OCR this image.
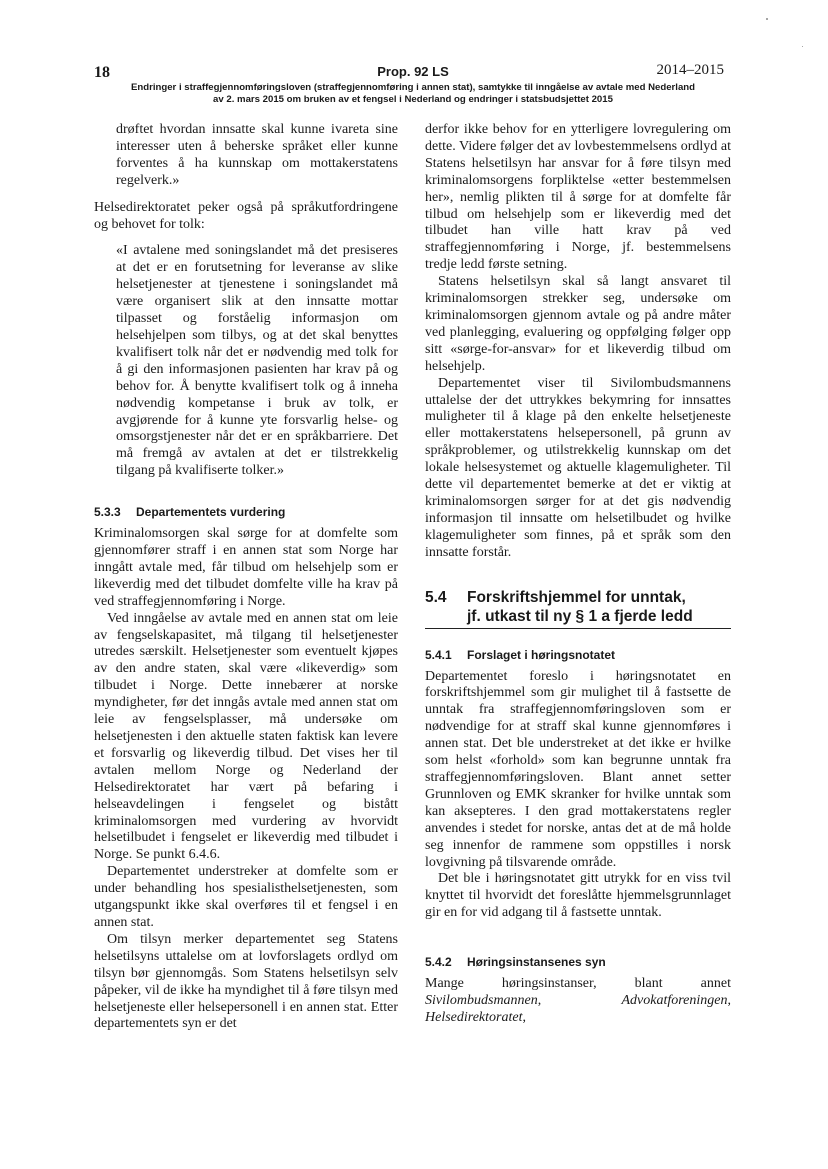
18	Prop. 92 LS	2014–2015
Endringer i straffegjennomføringsloven (straffegjennomføring i annen stat), samtykke til inngåelse av avtale med Nederland
av 2. mars 2015 om bruken av et fengsel i Nederland og endringer i statsbudsjettet 2015

drøftet hvordan innsatte skal kunne ivareta sine interesser uten å beherske språket eller kunne forventes å ha kunnskap om mottakerstatens regelverk.»

Helsedirektoratet peker også på språkutfordringene og behovet for tolk:

«I avtalene med soningslandet må det presiseres at det er en forutsetning for leveranse av slike helsetjenester at tjenestene i soningslandet må være organisert slik at den innsatte mottar tilpasset og forståelig informasjon om helsehjelpen som tilbys, og at det skal benyttes kvalifisert tolk når det er nødvendig med tolk for å gi den informasjonen pasienten har krav på og behov for. Å benytte kvalifisert tolk og å inneha nødvendig kompetanse i bruk av tolk, er avgjørende for å kunne yte forsvarlig helse- og omsorgstjenester når det er en språkbarriere. Det må fremgå av avtalen at det er tilstrekkelig tilgang på kvalifiserte tolker.»

5.3.3 Departementets vurdering

Kriminalomsorgen skal sørge for at domfelte som gjennomfører straff i en annen stat som Norge har inngått avtale med, får tilbud om helsehjelp som er likeverdig med det tilbudet domfelte ville ha krav på ved straffegjennomføring i Norge.

Ved inngåelse av avtale med en annen stat om leie av fengselskapasitet, må tilgang til helsetjenester utredes særskilt. Helsetjenester som eventuelt kjøpes av den andre staten, skal være «likeverdig» som tilbudet i Norge. Dette innebærer at norske myndigheter, før det inngås avtale med annen stat om leie av fengselsplasser, må undersøke om helsetjenesten i den aktuelle staten faktisk kan levere et forsvarlig og likeverdig tilbud. Det vises her til avtalen mellom Norge og Nederland der Helsedirektoratet har vært på befaring i helseavdelingen i fengselet og bistått kriminalomsorgen med vurdering av hvorvidt helsetilbudet i fengselet er likeverdig med tilbudet i Norge. Se punkt 6.4.6.

Departementet understreker at domfelte som er under behandling hos spesialisthelsetjenesten, som utgangspunkt ikke skal overføres til et fengsel i en annen stat.

Om tilsyn merker departementet seg Statens helsetilsyns uttalelse om at lovforslagets ordlyd om tilsyn bør gjennomgås. Som Statens helsetilsyn selv påpeker, vil de ikke ha myndighet til å føre tilsyn med helsetjeneste eller helsepersonell i en annen stat. Etter departementets syn er det

derfor ikke behov for en ytterligere lovregulering om dette. Videre følger det av lovbestemmelsens ordlyd at Statens helsetilsyn har ansvar for å føre tilsyn med kriminalomsorgens forpliktelse «etter bestemmelsen her», nemlig plikten til å sørge for at domfelte får tilbud om helsehjelp som er likeverdig med det tilbudet han ville hatt krav på ved straffegjennomføring i Norge, jf. bestemmelsens tredje ledd første setning.

Statens helsetilsyn skal så langt ansvaret til kriminalomsorgen strekker seg, undersøke om kriminalomsorgen gjennom avtale og på andre måter ved planlegging, evaluering og oppfølging følger opp sitt «sørge-for-ansvar» for et likeverdig tilbud om helsehjelp.

Departementet viser til Sivilombudsmannens uttalelse der det uttrykkes bekymring for innsattes muligheter til å klage på den enkelte helsetjeneste eller mottakerstatens helsepersonell, på grunn av språkproblemer, og utilstrekkelig kunnskap om det lokale helsesystemet og aktuelle klagemuligheter. Til dette vil departementet bemerke at det er viktig at kriminalomsorgen sørger for at det gis nødvendig informasjon til innsatte om helsetilbudet og hvilke klagemuligheter som finnes, på et språk som den innsatte forstår.

5.4	Forskriftshjemmel for unntak,
jf. utkast til ny § 1 a fjerde ledd
5.4.1 Forslaget i høringsnotatet

Departementet foreslo i høringsnotatet en forskriftshjemmel som gir mulighet til å fastsette de unntak fra straffegjennomføringsloven som er nødvendige for at straff skal kunne gjennomføres i annen stat. Det ble understreket at det ikke er hvilke som helst «forhold» som kan begrunne unntak fra straffegjennomføringsloven. Blant annet setter Grunnloven og EMK skranker for hvilke unntak som kan aksepteres. I den grad mottakerstatens regler anvendes i stedet for norske, antas det at de må holde seg innenfor de rammene som oppstilles i norsk lovgivning på tilsvarende område.

Det ble i høringsnotatet gitt utrykk for en viss tvil knyttet til hvorvidt det foreslåtte hjemmelsgrunnlaget gir en for vid adgang til å fastsette unntak.

5.4.2 Høringsinstansenes syn

Mange høringsinstanser, blant annet Sivilombudsmannen, Advokatforeningen, Helsedirektoratet,
